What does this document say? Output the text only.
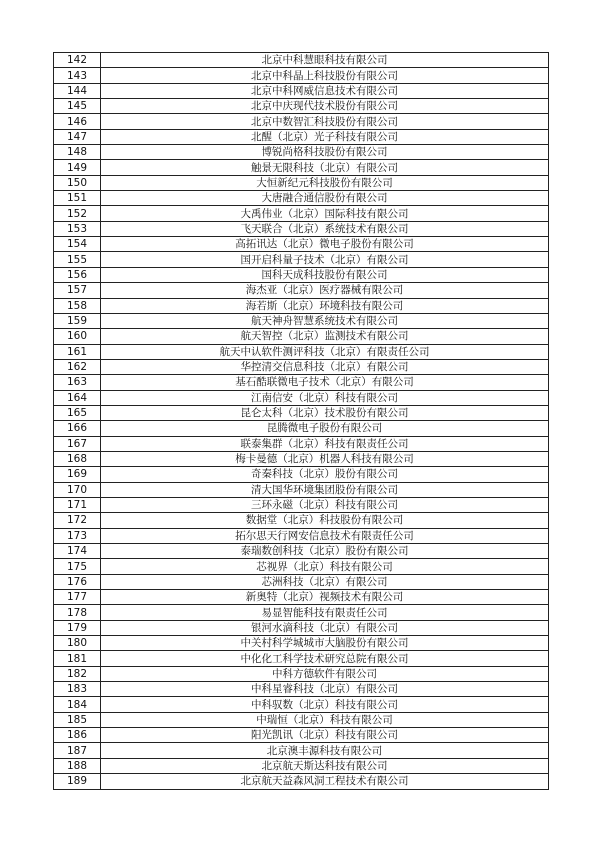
142	北京中科慧眼科技有限公司
143	北京中科晶上科技股份有限公司
144	北京中科网威信息技术有限公司
145	北京中庆现代技术股份有限公司
146	北京中数智汇科技股份有限公司
147	北醒（北京）光子科技有限公司
148	博锐尚格科技股份有限公司
149	触景无限科技（北京）有限公司
150	大恒新纪元科技股份有限公司
151	大唐融合通信股份有限公司
152	大禹伟业（北京）国际科技有限公司
153	飞天联合（北京）系统技术有限公司
154	高拓讯达（北京）微电子股份有限公司
155	国开启科量子技术（北京）有限公司
156	国科天成科技股份有限公司
157	海杰亚（北京）医疗器械有限公司
158	海若斯（北京）环境科技有限公司
159	航天神舟智慧系统技术有限公司
160	航天智控（北京）监测技术有限公司
161	航天中认软件测评科技（北京）有限责任公司
162	华控清交信息科技（北京）有限公司
163	基石酷联微电子技术（北京）有限公司
164	江南信安（北京）科技有限公司
165	昆仑太科（北京）技术股份有限公司
166	昆腾微电子股份有限公司
167	联泰集群（北京）科技有限责任公司
168	梅卡曼德（北京）机器人科技有限公司
169	奇秦科技（北京）股份有限公司
170	清大国华环境集团股份有限公司
171	三环永磁（北京）科技有限公司
172	数据堂（北京）科技股份有限公司
173	拓尔思天行网安信息技术有限责任公司
174	泰瑞数创科技（北京）股份有限公司
175	芯视界（北京）科技有限公司
176	芯洲科技（北京）有限公司
177	新奥特（北京）视频技术有限公司
178	易显智能科技有限责任公司
179	银河水滴科技（北京）有限公司
180	中关村科学城城市大脑股份有限公司
181	中化化工科学技术研究总院有限公司
182	中科方德软件有限公司
183	中科星睿科技（北京）有限公司
184	中科驭数（北京）科技有限公司
185	中瑞恒（北京）科技有限公司
186	阳光凯讯（北京）科技有限公司
187	北京澳丰源科技有限公司
188	北京航天斯达科技有限公司
189	北京航天益森风洞工程技术有限公司
